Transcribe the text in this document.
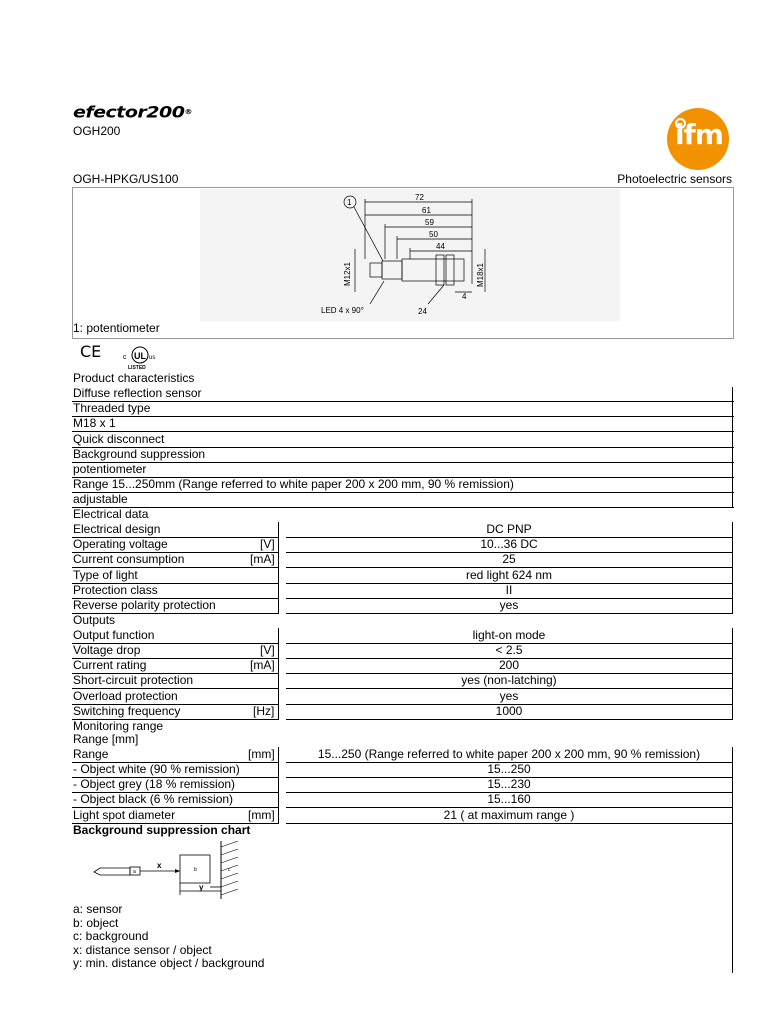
efector200®
OGH200	ifm
OGH-HPKG/US100	Photoelectric sensors
72
61
59
50
44
1
M12x1	M18x1
LED 4 x 90°	24
4
1: potentiometer
CE	UL
c	us
LISTED
Product characteristics
Diffuse reflection sensor
Threaded type
M18 x 1
Quick disconnect
Background suppression
potentiometer
Range 15...250mm (Range referred to white paper 200 x 200 mm, 90 % remission)
adjustable
Electrical data
Electrical design	DC PNP
Operating voltage	[V]	10...36 DC
Current consumption	[mA]	25
Type of light	red light 624 nm
Protection class	II
Reverse polarity protection	yes
Outputs
Output function	light-on mode
Voltage drop	[V]	< 2.5
Current rating	[mA]	200
Short-circuit protection	yes (non-latching)
Overload protection	yes
Switching frequency	[Hz]	1000
Monitoring range
Range [mm]
Range	[mm]	15...250 (Range referred to white paper 200 x 200 mm, 90 % remission)
- Object white (90 % remission)	15...250
- Object grey (18 % remission)	15...230
- Object black (6 % remission)	15...160
Light spot diameter	[mm]	21 ( at maximum range )
Background suppression chart
a	b	c
x
y
a: sensor
b: object
c: background
x: distance sensor / object
y: min. distance object / background
